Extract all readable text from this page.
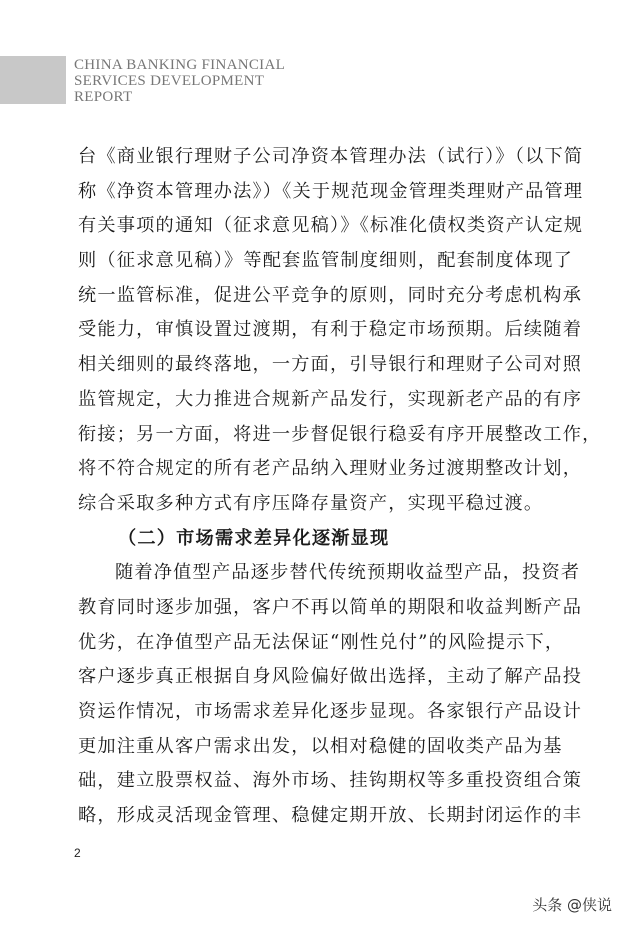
CHINA BANKING FINANCIAL
SERVICES DEVELOPMENT
REPORT
台《商业银行理财子公司净资本管理办法（试行）》（以下简
称《净资本管理办法》）《关于规范现金管理类理财产品管理
有关事项的通知（征求意见稿）》《标准化债权类资产认定规
则（征求意见稿）》等配套监管制度细则，配套制度体现了
统一监管标准，促进公平竞争的原则，同时充分考虑机构承
受能力，审慎设置过渡期，有利于稳定市场预期。后续随着
相关细则的最终落地，一方面，引导银行和理财子公司对照
监管规定，大力推进合规新产品发行，实现新老产品的有序
衔接；另一方面，将进一步督促银行稳妥有序开展整改工作，
将不符合规定的所有老产品纳入理财业务过渡期整改计划，
综合采取多种方式有序压降存量资产，实现平稳过渡。
（二）市场需求差异化逐渐显现
随着净值型产品逐步替代传统预期收益型产品，投资者
教育同时逐步加强，客户不再以简单的期限和收益判断产品
优劣，在净值型产品无法保证“刚性兑付”的风险提示下，
客户逐步真正根据自身风险偏好做出选择，主动了解产品投
资运作情况，市场需求差异化逐步显现。各家银行产品设计
更加注重从客户需求出发，以相对稳健的固收类产品为基
础，建立股票权益、海外市场、挂钩期权等多重投资组合策
略，形成灵活现金管理、稳健定期开放、长期封闭运作的丰
2
头条 @侠说
